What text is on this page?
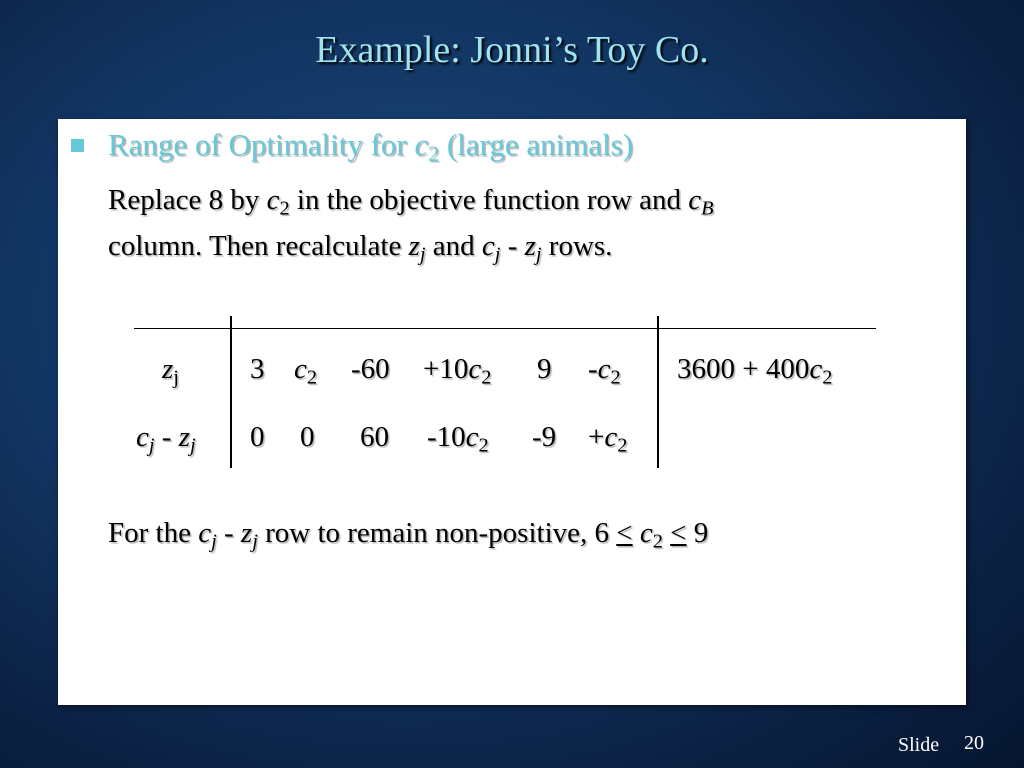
Example: Jonni’s Toy Co.
Range of Optimality for $c_2$ (large animals)
Replace 8 by $c_2$ in the objective function row and $c_B$
column. Then recalculate $z_j$ and $c_j - z_j$ rows.
$z_j$ 3 $c_2$ $-60 +10c_2$ 9 $-c_2$ $3600 + 400c_2$
$c_j - z_j$ 0 0 60 $-10c_2$ $-9 +c_2$
For the $c_j - z_j$ row to remain non-positive, $6 \le c_2 \le 9$
Slide 20
